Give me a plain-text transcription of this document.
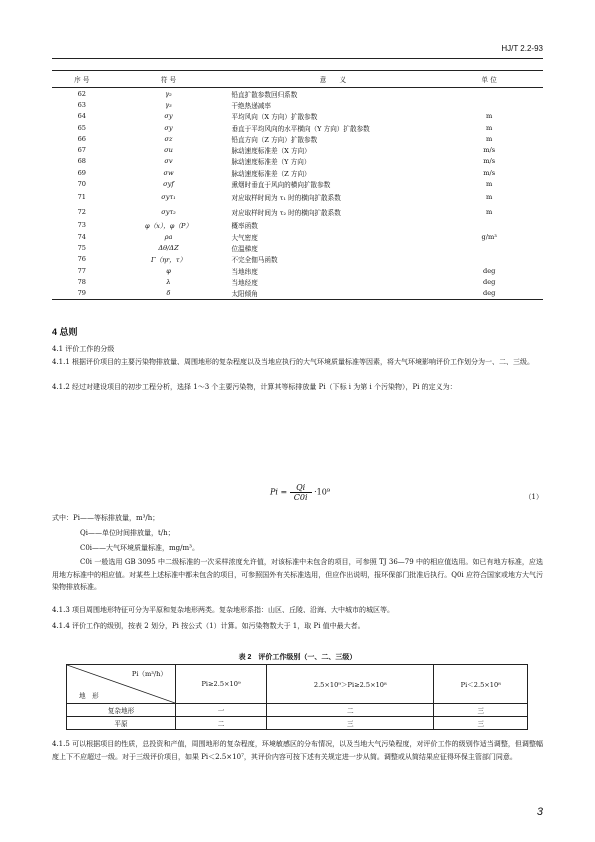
HJ/T 2.2-93
序 号	符 号	意　　义	单 位
62	γ₂	铅直扩散参数回归系数	
63	γ₃	干绝热递减率	
64	σy	平均风向（X 方向）扩散参数	m
65	σy	垂直于平均风向的水平横向（Y 方向）扩散参数	m
66	σz	铅直方向（Z 方向）扩散参数	m
67	σu	脉动速度标准差（X 方向）	m/s
68	σv	脉动速度标准差（Y 方向）	m/s
69	σw	脉动速度标准差（Z 方向）	m/s
70	σyf	熏烟时垂直于风向的横向扩散参数	m
71	σyτ₁	对应取样时间为 τ₁ 时的横向扩散系数	m
72	σyτ₂	对应取样时间为 τ₂ 时的横向扩散系数	m
73	φ（x），φ（P）	概率函数	
74	ρa	大气密度	g/m³
75	Δθ/ΔZ	位温梯度	
76	Γ（ηr，τ）	不完全伽马函数	
77	φ	当地纬度	deg
78	λ	当地经度	deg
79	δ	太阳倾角	deg
4 总则
4.1 评价工作的分级
4.1.1 根据评价项目的主要污染物排放量、周围地形的复杂程度以及当地应执行的大气环境质量标准等因素，将大气环境影响评价工作划分为一、二、三级。
4.1.2 经过对建设项目的初步工程分析，选择 1～3 个主要污染物，计算其等标排放量 Pi（下标 i 为第 i 个污染物），Pi 的定义为：
$Pi = \frac{Qi}{C0i} \cdot 10^9$
（1）
式中：Pi——等标排放量，m³/h；
Qi——单位时间排放量，t/h；
C0i——大气环境质量标准，mg/m³。
C0i 一般选用 GB 3095 中二级标准的一次采样浓度允许值，对该标准中未包含的项目，可参照 TJ 36—79 中的相应值选用。如已有地方标准，应选用地方标准中的相应值。对某些上述标准中都未包含的项目，可参照国外有关标准选用，但应作出说明，报环保部门批准后执行。Q0i 应符合国家或地方大气污染物排放标准。
4.1.3 项目周围地形特征可分为平原和复杂地形两类。复杂地形系指：山区、丘陵、沿海、大中城市的城区等。
4.1.4 评价工作的级别，按表 2 划分，Pi 按公式（1）计算。如污染物数大于 1，取 Pi 值中最大者。
表 2　评价工作级别（一、二、三级）
Pi（m³/h）
地　形	Pi≥2.5×10⁹	2.5×10⁹＞Pi≥2.5×10⁸	Pi＜2.5×10⁸
复杂地形	一	二	三
平原	二	三	三
4.1.5 可以根据项目的性质，总投资和产值，周围地形的复杂程度，环境敏感区的分布情况，以及当地大气污染程度，对评价工作的级别作适当调整，但调整幅度上下不应超过一级。对于三级评价项目，如果 Pi＜2.5×10⁷，其评价内容可按下述有关规定进一步从简。调整或从简结果应征得环保主管部门同意。
3
